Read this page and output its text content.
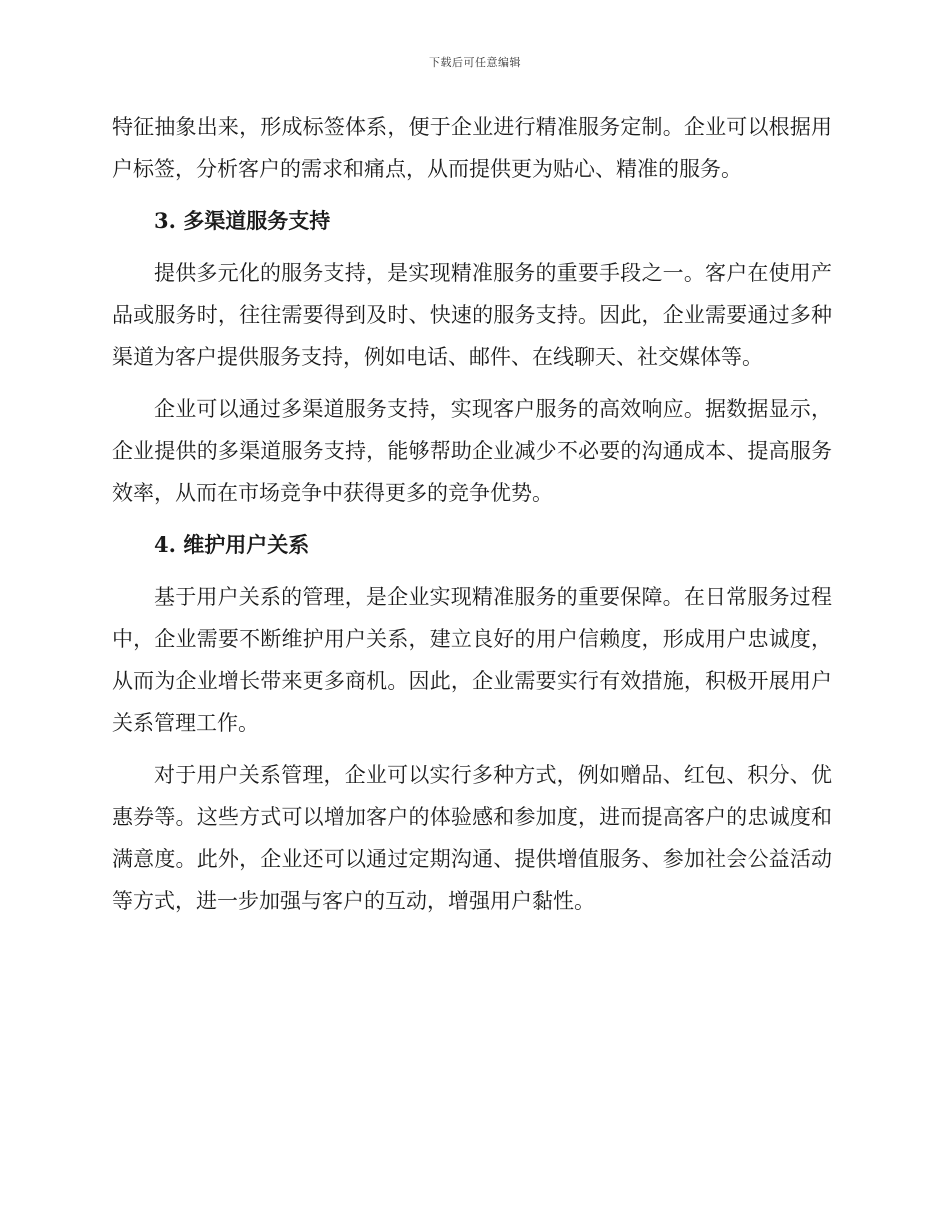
下载后可任意编辑

特征抽象出来，形成标签体系，便于企业进行精准服务定制。企业可以根据用户标签，分析客户的需求和痛点，从而提供更为贴心、精准的服务。

3. 多渠道服务支持

提供多元化的服务支持，是实现精准服务的重要手段之一。客户在使用产品或服务时，往往需要得到及时、快速的服务支持。因此，企业需要通过多种渠道为客户提供服务支持，例如电话、邮件、在线聊天、社交媒体等。

企业可以通过多渠道服务支持，实现客户服务的高效响应。据数据显示，企业提供的多渠道服务支持，能够帮助企业减少不必要的沟通成本、提高服务效率，从而在市场竞争中获得更多的竞争优势。

4. 维护用户关系

基于用户关系的管理，是企业实现精准服务的重要保障。在日常服务过程中，企业需要不断维护用户关系，建立良好的用户信赖度，形成用户忠诚度，从而为企业增长带来更多商机。因此，企业需要实行有效措施，积极开展用户关系管理工作。

对于用户关系管理，企业可以实行多种方式，例如赠品、红包、积分、优惠券等。这些方式可以增加客户的体验感和参加度，进而提高客户的忠诚度和满意度。此外，企业还可以通过定期沟通、提供增值服务、参加社会公益活动等方式，进一步加强与客户的互动，增强用户黏性。
